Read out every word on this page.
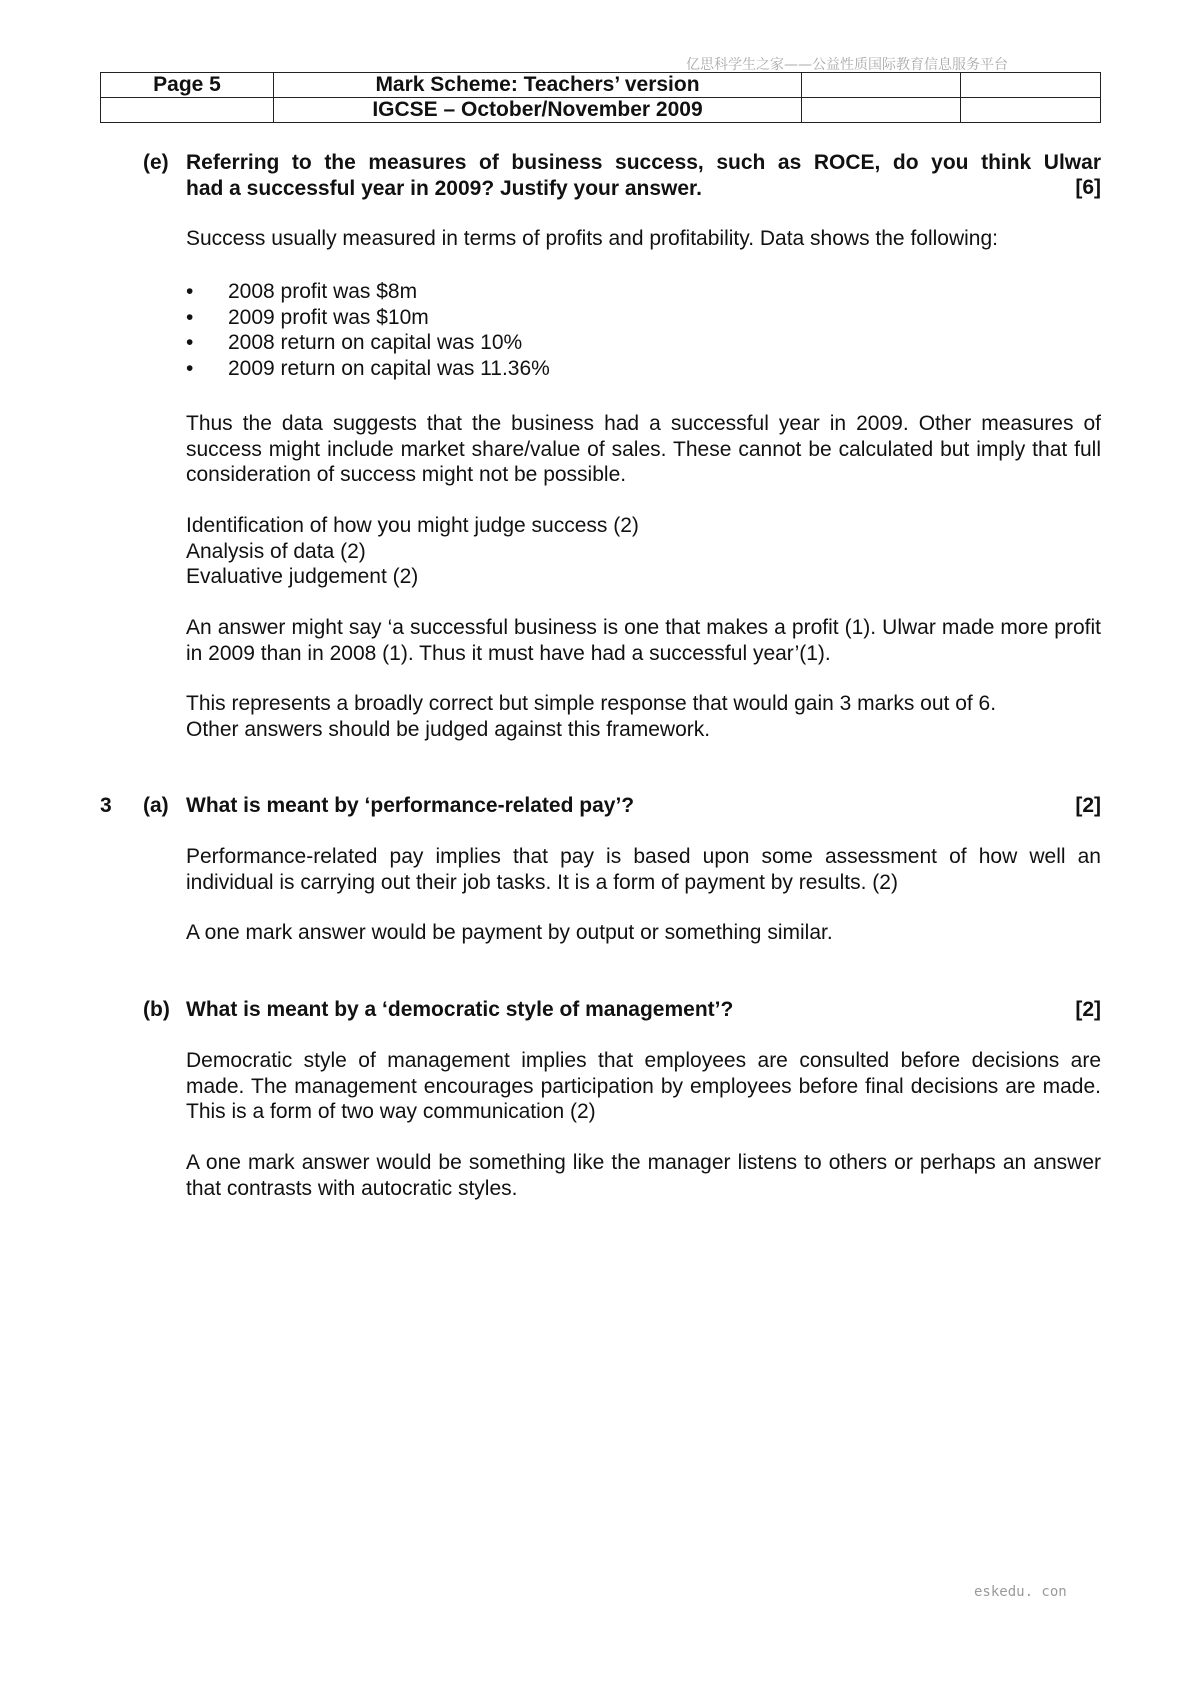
亿思科学生之家——公益性质国际教育信息服务平台
Page 5	Mark Scheme: Teachers’ version		
	IGCSE – October/November 2009		
(e) Referring to the measures of business success, such as ROCE, do you think Ulwar
had a successful year in 2009? Justify your answer.	[6]
Success usually measured in terms of profits and profitability. Data shows the following:
• 2008 profit was $8m
• 2009 profit was $10m
• 2008 return on capital was 10%
• 2009 return on capital was 11.36%
Thus the data suggests that the business had a successful year in 2009. Other measures of success might include market share/value of sales. These cannot be calculated but imply that full consideration of success might not be possible.
Identification of how you might judge success (2)
Analysis of data (2)
Evaluative judgement (2)
An answer might say ‘a successful business is one that makes a profit (1). Ulwar made more profit in 2009 than in 2008 (1). Thus it must have had a successful year’(1).
This represents a broadly correct but simple response that would gain 3 marks out of 6.
Other answers should be judged against this framework.
3 (a) What is meant by ‘performance-related pay’?	[2]
Performance-related pay implies that pay is based upon some assessment of how well an individual is carrying out their job tasks. It is a form of payment by results. (2)
A one mark answer would be payment by output or something similar.
(b) What is meant by a ‘democratic style of management’?	[2]
Democratic style of management implies that employees are consulted before decisions are made. The management encourages participation by employees before final decisions are made. This is a form of two way communication (2)
A one mark answer would be something like the manager listens to others or perhaps an answer that contrasts with autocratic styles.
eskedu. con
